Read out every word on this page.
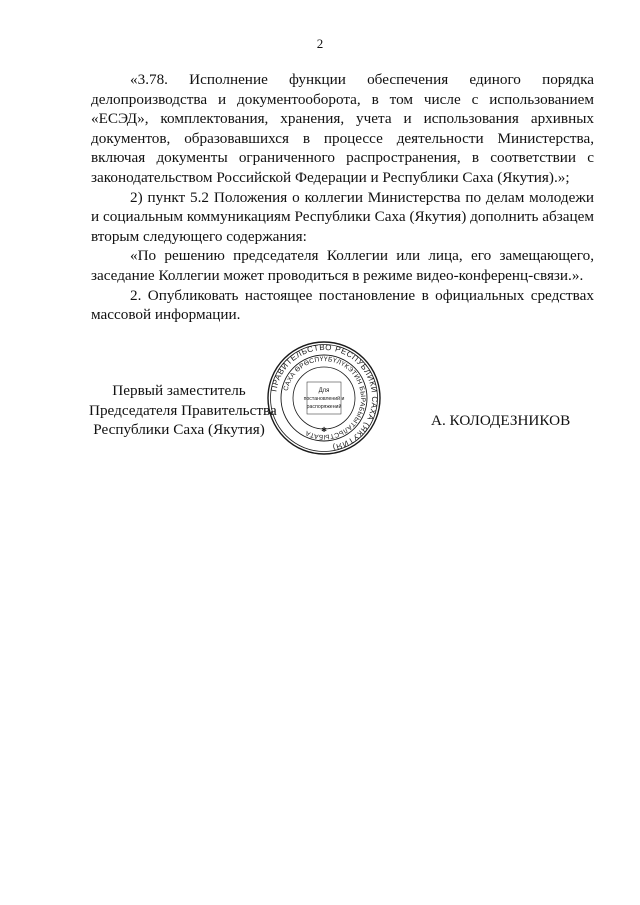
2

«3.78. Исполнение функции обеспечения единого порядка делопроизводства и документооборота, в том числе с использованием «ЕСЭД», комплектования, хранения, учета и использования архивных документов, образовавшихся в процессе деятельности Министерства, включая документы ограниченного распространения, в соответствии с законодательством Российской Федерации и Республики Саха (Якутия).»;

2) пункт 5.2 Положения о коллегии Министерства по делам молодежи и социальным коммуникациям Республики Саха (Якутия) дополнить абзацем вторым следующего содержания:

«По решению председателя Коллегии или лица, его замещающего, заседание Коллегии может проводиться в режиме видео-конференц-связи.».

2. Опубликовать настоящее постановление в официальных средствах массовой информации.

ПРАВИТЕЛЬСТВО РЕСПУБЛИКИ САХА (ЯКУТИЯ)
САХА ӨРӨСПҮҮБҮЛҮКЭТИН БЫРАБЫЫТАЛЬСТЫБАТА
Для
постановлений и
распоряжений
✱
Первый заместитель
Председателя Правительства
Республики Саха (Якутия)
А. КОЛОДЕЗНИКОВ
